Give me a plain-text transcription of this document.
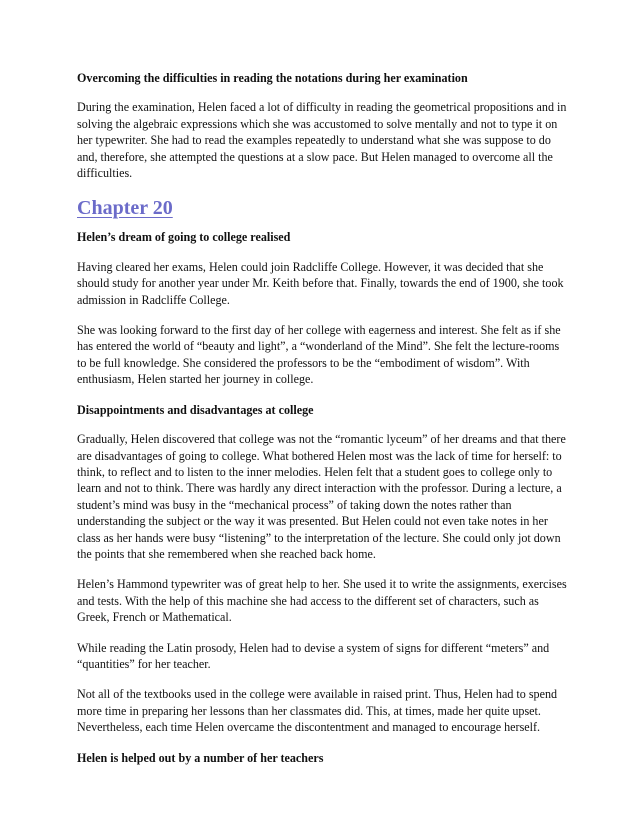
Overcoming the difficulties in reading the notations during her examination

During the examination, Helen faced a lot of difficulty in reading the geometrical propositions and in solving the algebraic expressions which she was accustomed to solve mentally and not to type it on her typewriter. She had to read the examples repeatedly to understand what she was suppose to do and, therefore, she attempted the questions at a slow pace. But Helen managed to overcome all the difficulties.

Chapter 20

Helen’s dream of going to college realised

Having cleared her exams, Helen could join Radcliffe College. However, it was decided that she should study for another year under Mr. Keith before that. Finally, towards the end of 1900, she took admission in Radcliffe College.

She was looking forward to the first day of her college with eagerness and interest. She felt as if she has entered the world of “beauty and light”, a “wonderland of the Mind”. She felt the lecture-rooms to be full knowledge. She considered the professors to be the “embodiment of wisdom”. With enthusiasm, Helen started her journey in college.

Disappointments and disadvantages at college

Gradually, Helen discovered that college was not the “romantic lyceum” of her dreams and that there are disadvantages of going to college. What bothered Helen most was the lack of time for herself: to think, to reflect and to listen to the inner melodies. Helen felt that a student goes to college only to learn and not to think. There was hardly any direct interaction with the professor. During a lecture, a student’s mind was busy in the “mechanical process” of taking down the notes rather than understanding the subject or the way it was presented. But Helen could not even take notes in her class as her hands were busy “listening” to the interpretation of the lecture. She could only jot down the points that she remembered when she reached back home.

Helen’s Hammond typewriter was of great help to her. She used it to write the assignments, exercises and tests. With the help of this machine she had access to the different set of characters, such as Greek, French or Mathematical.

While reading the Latin prosody, Helen had to devise a system of signs for different “meters” and “quantities” for her teacher.

Not all of the textbooks used in the college were available in raised print. Thus, Helen had to spend more time in preparing her lessons than her classmates did. This, at times, made her quite upset. Nevertheless, each time Helen overcame the discontentment and managed to encourage herself.

Helen is helped out by a number of her teachers
